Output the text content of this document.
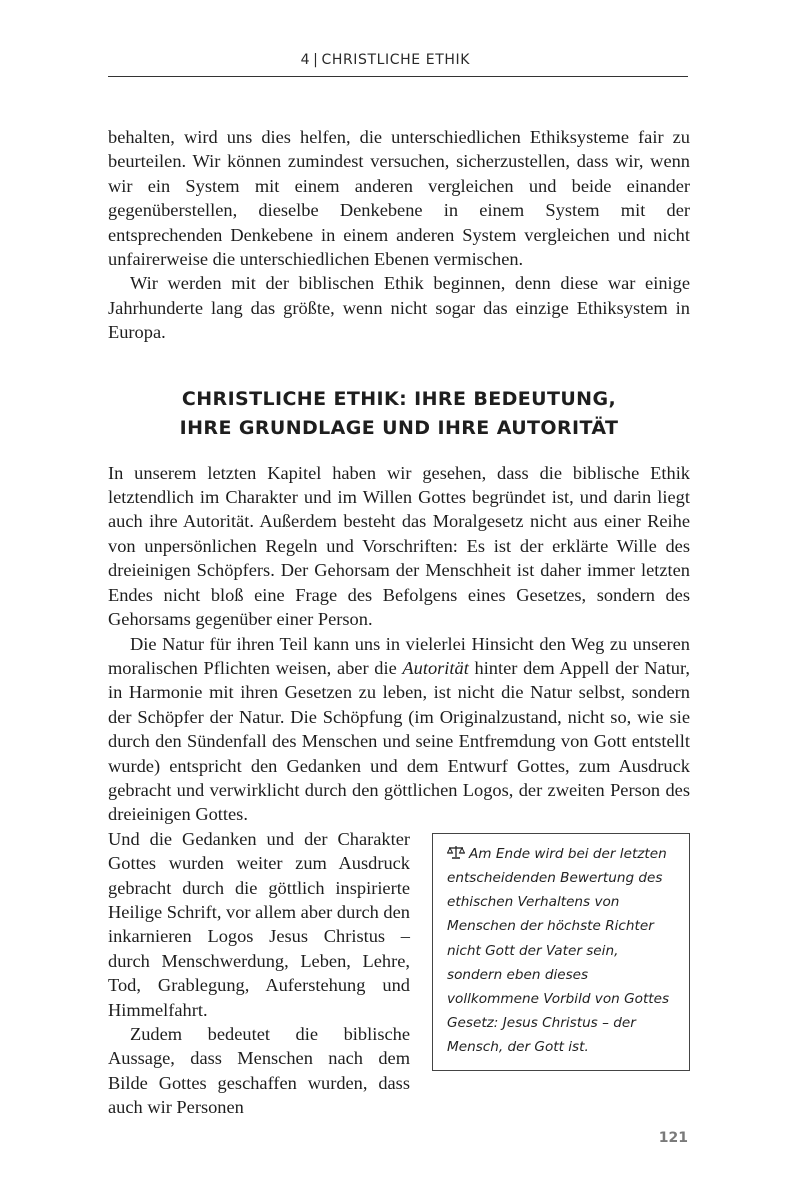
4 | CHRISTLICHE ETHIK

behalten, wird uns dies helfen, die unterschiedlichen Ethiksysteme fair zu beurteilen. Wir können zumindest versuchen, sicherzustellen, dass wir, wenn wir ein System mit einem anderen vergleichen und beide einander gegenüberstellen, dieselbe Denkebene in einem System mit der entsprechenden Denkebene in einem anderen System vergleichen und nicht unfairerweise die unterschiedlichen Ebenen vermischen.

Wir werden mit der biblischen Ethik beginnen, denn diese war einige Jahrhunderte lang das größte, wenn nicht sogar das einzige Ethiksystem in Europa.

CHRISTLICHE ETHIK: IHRE BEDEUTUNG,
IHRE GRUNDLAGE UND IHRE AUTORITÄT

In unserem letzten Kapitel haben wir gesehen, dass die biblische Ethik letztendlich im Charakter und im Willen Gottes begründet ist, und darin liegt auch ihre Autorität. Außerdem besteht das Moralgesetz nicht aus einer Reihe von unpersönlichen Regeln und Vorschriften: Es ist der erklärte Wille des dreieinigen Schöpfers. Der Gehorsam der Menschheit ist daher immer letzten Endes nicht bloß eine Frage des Befolgens eines Gesetzes, sondern des Gehorsams gegenüber einer Person.

Die Natur für ihren Teil kann uns in vielerlei Hinsicht den Weg zu unseren moralischen Pflichten weisen, aber die Autorität hinter dem Appell der Natur, in Harmonie mit ihren Gesetzen zu leben, ist nicht die Natur selbst, sondern der Schöpfer der Natur. Die Schöpfung (im Originalzustand, nicht so, wie sie durch den Sündenfall des Menschen und seine Entfremdung von Gott entstellt wurde) entspricht den Gedanken und dem Entwurf Gottes, zum Ausdruck gebracht und verwirklicht durch den göttlichen Logos, der zweiten Person des dreieinigen Gottes.

Am Ende wird bei der letzten entscheidenden Bewertung des ethischen Verhaltens von Menschen der höchste Richter nicht Gott der Vater sein, sondern eben dieses vollkommene Vorbild von Gottes Gesetz: Jesus Christus – der Mensch, der Gott ist.
Und die Gedanken und der Charakter Gottes wurden weiter zum Ausdruck gebracht durch die göttlich inspirierte Heilige Schrift, vor allem aber durch den inkarnieren Logos Jesus Christus – durch Menschwerdung, Leben, Lehre, Tod, Grablegung, Auferstehung und Himmelfahrt.

Zudem bedeutet die biblische Aussage, dass Menschen nach dem Bilde Gottes geschaffen wurden, dass auch wir Personen

121
